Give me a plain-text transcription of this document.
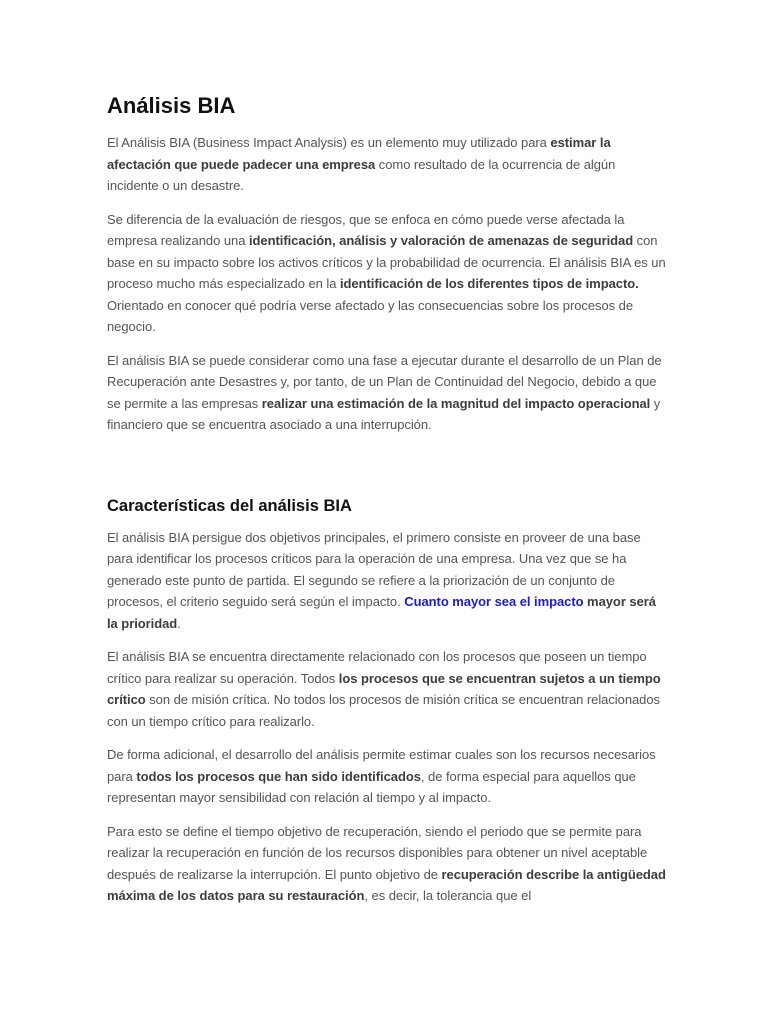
Análisis BIA

El Análisis BIA (Business Impact Analysis) es un elemento muy utilizado para estimar la afectación que puede padecer una empresa como resultado de la ocurrencia de algún incidente o un desastre.

Se diferencia de la evaluación de riesgos, que se enfoca en cómo puede verse afectada la empresa realizando una identificación, análisis y valoración de amenazas de seguridad con base en su impacto sobre los activos críticos y la probabilidad de ocurrencia. El análisis BIA es un proceso mucho más especializado en la identificación de los diferentes tipos de impacto. Orientado en conocer qué podría verse afectado y las consecuencias sobre los procesos de negocio.

El análisis BIA se puede considerar como una fase a ejecutar durante el desarrollo de un Plan de Recuperación ante Desastres y, por tanto, de un Plan de Continuidad del Negocio, debido a que se permite a las empresas realizar una estimación de la magnitud del impacto operacional y financiero que se encuentra asociado a una interrupción.

Características del análisis BIA

El análisis BIA persigue dos objetivos principales, el primero consiste en proveer de una base para identificar los procesos críticos para la operación de una empresa. Una vez que se ha generado este punto de partida. El segundo se refiere a la priorización de un conjunto de procesos, el criterio seguido será según el impacto. Cuanto mayor sea el impacto mayor será la prioridad.

El análisis BIA se encuentra directamente relacionado con los procesos que poseen un tiempo crítico para realizar su operación. Todos los procesos que se encuentran sujetos a un tiempo crítico son de misión crítica. No todos los procesos de misión crítica se encuentran relacionados con un tiempo crítico para realizarlo.

De forma adicional, el desarrollo del análisis permite estimar cuales son los recursos necesarios para todos los procesos que han sido identificados, de forma especial para aquellos que representan mayor sensibilidad con relación al tiempo y al impacto.

Para esto se define el tiempo objetivo de recuperación, siendo el periodo que se permite para realizar la recuperación en función de los recursos disponibles para obtener un nivel aceptable después de realizarse la interrupción. El punto objetivo de recuperación describe la antigüedad máxima de los datos para su restauración, es decir, la tolerancia que el
